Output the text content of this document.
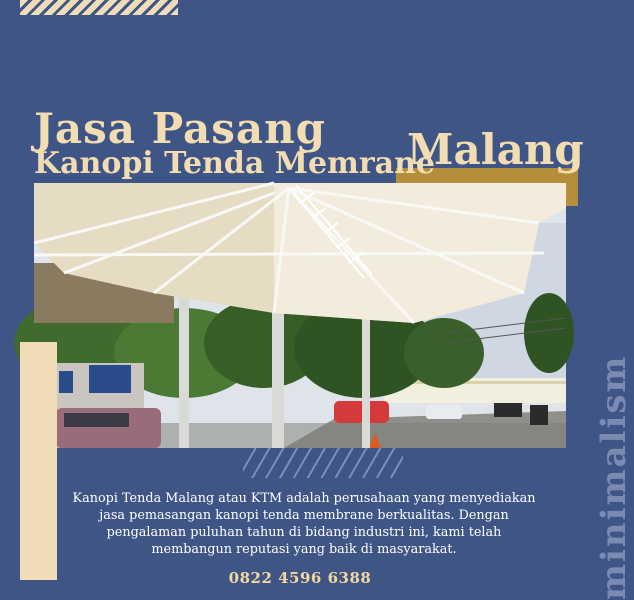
Jasa Pasang
Kanopi Tenda Memrane
Malang
minimalism
Kanopi Tenda Malang atau KTM adalah perusahaan yang menyediakan jasa pemasangan kanopi tenda membrane berkualitas. Dengan pengalaman puluhan tahun di bidang industri ini, kami telah membangun reputasi yang baik di masyarakat.
0822 4596 6388
